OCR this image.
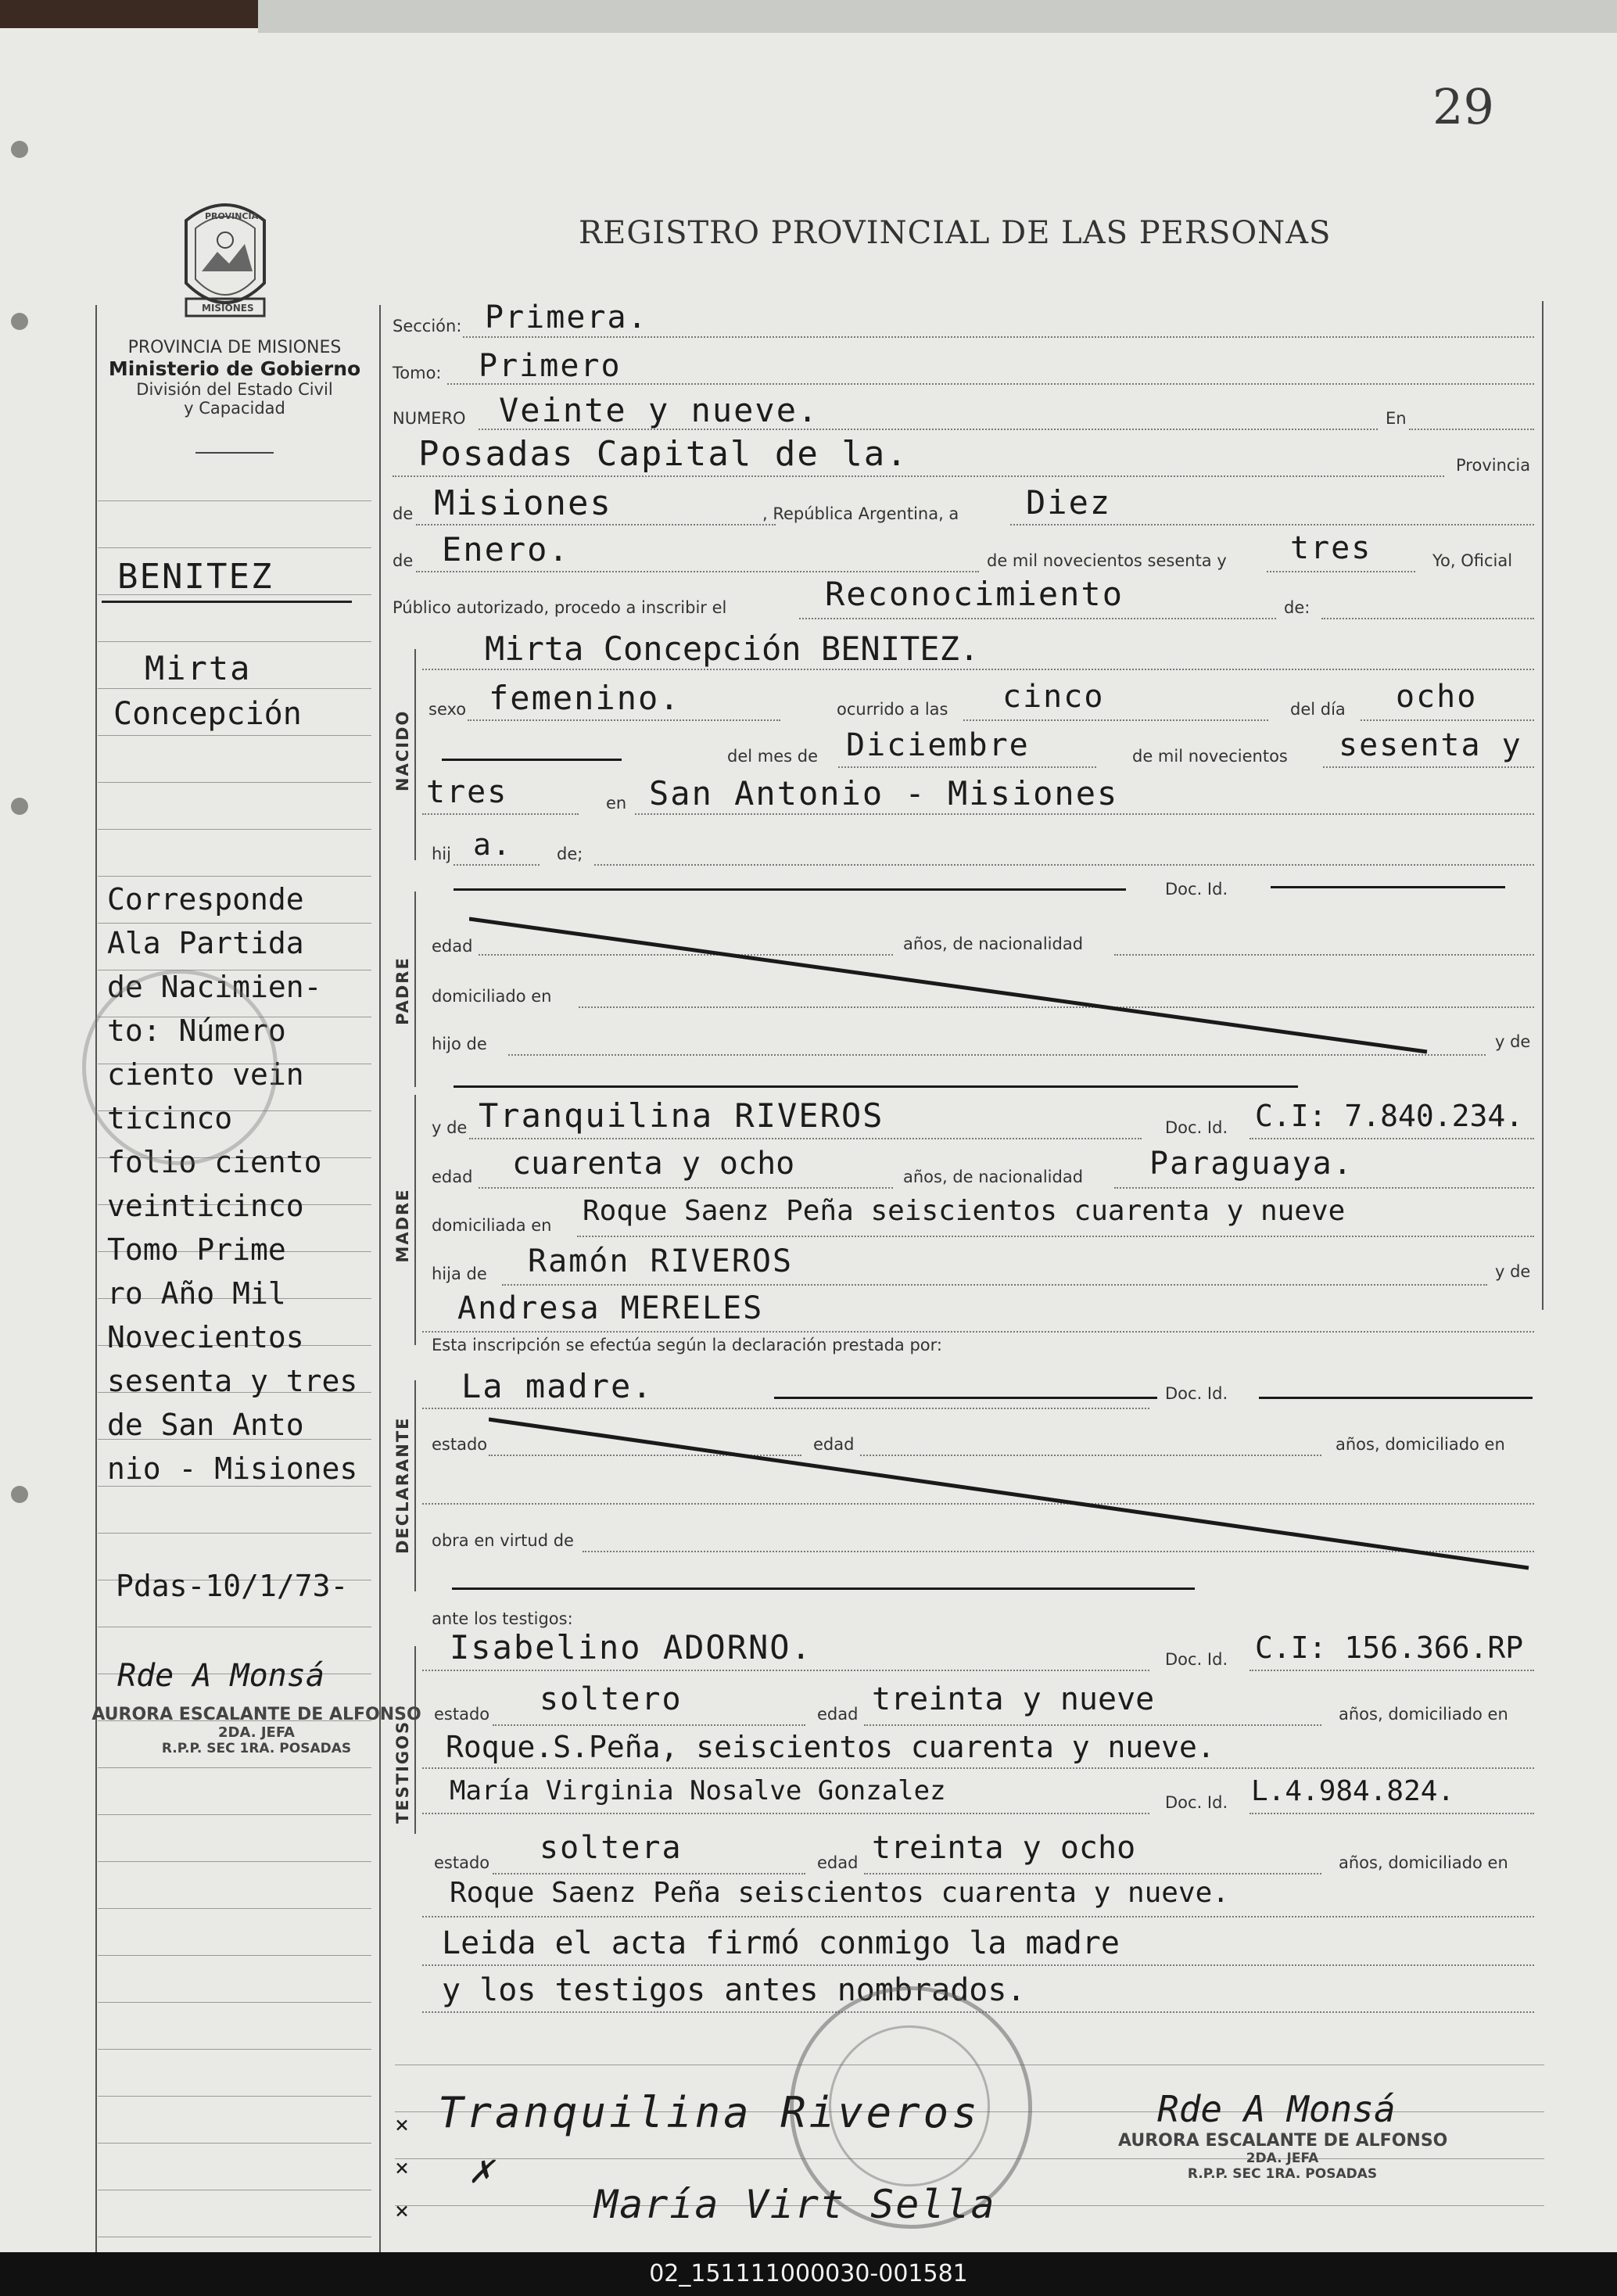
29
REGISTRO PROVINCIAL DE LAS PERSONAS
PROVINCIA
MISIONES
PROVINCIA DE MISIONES
Ministerio de Gobierno
División del Estado Civil
y Capacidad
NACIDO
PADRE
MADRE
DECLARANTE
TESTIGOS
BENITEZ
Mirta
Concepción
Corresponde
Ala Partida
de Nacimien-
to: Número
ciento vein
ticinco
folio ciento
veinticinco
Tomo Prime
ro Año Mil
Novecientos
sesenta y tres
de San Anto
nio - Misiones
Pdas-10/1/73-
Rde A Monsá
AURORA ESCALANTE DE ALFONSO
2DA. JEFA
R.P.P. SEC 1RA. POSADAS
Sección: Primera.
Tomo: Primero
NUMERO Veinte y nueve.	En
Posadas Capital de la.	Provincia
de Misiones	, República Argentina, a Diez
de Enero.	de mil novecientos sesenta y tres	Yo, Oficial
Público autorizado, procedo a inscribir el	Reconocimiento	de:
Mirta Concepción BENITEZ.
sexo femenino.	ocurrido a las cinco	del día ocho
del mes de Diciembre	de mil novecientos sesenta y
tres	en San Antonio - Misiones
hij a.	de;
Doc. Id.
edad	años, de nacionalidad
domiciliado en
hijo de	y de
y de Tranquilina RIVEROS	Doc. Id. C.I: 7.840.234.
edad cuarenta y ocho	años, de nacionalidad Paraguaya.
domiciliada en Roque Saenz Peña seiscientos cuarenta y nueve
hija de Ramón RIVEROS	y de
Andresa MERELES
Esta inscripción se efectúa según la declaración prestada por:
La madre.	Doc. Id.
estado	edad	años, domiciliado en
obra en virtud de
ante los testigos:
Isabelino ADORNO.	Doc. Id. C.I: 156.366.RP
estado soltero	edad treinta y nueve	años, domiciliado en
Roque.S.Peña, seiscientos cuarenta y nueve.
María Virginia Nosalve Gonzalez	Doc. Id. L.4.984.824.
estado soltera	edad treinta y ocho	años, domiciliado en
Roque Saenz Peña seiscientos cuarenta y nueve.
Leida el acta firmó conmigo la madre
y los testigos antes nombrados.
×
×
×
Tranquilina Riveros	Rde A Monsá
✗
María Virt Sella
AURORA ESCALANTE DE ALFONSO
2DA. JEFA
R.P.P. SEC 1RA. POSADAS
02_151111000030-001581
